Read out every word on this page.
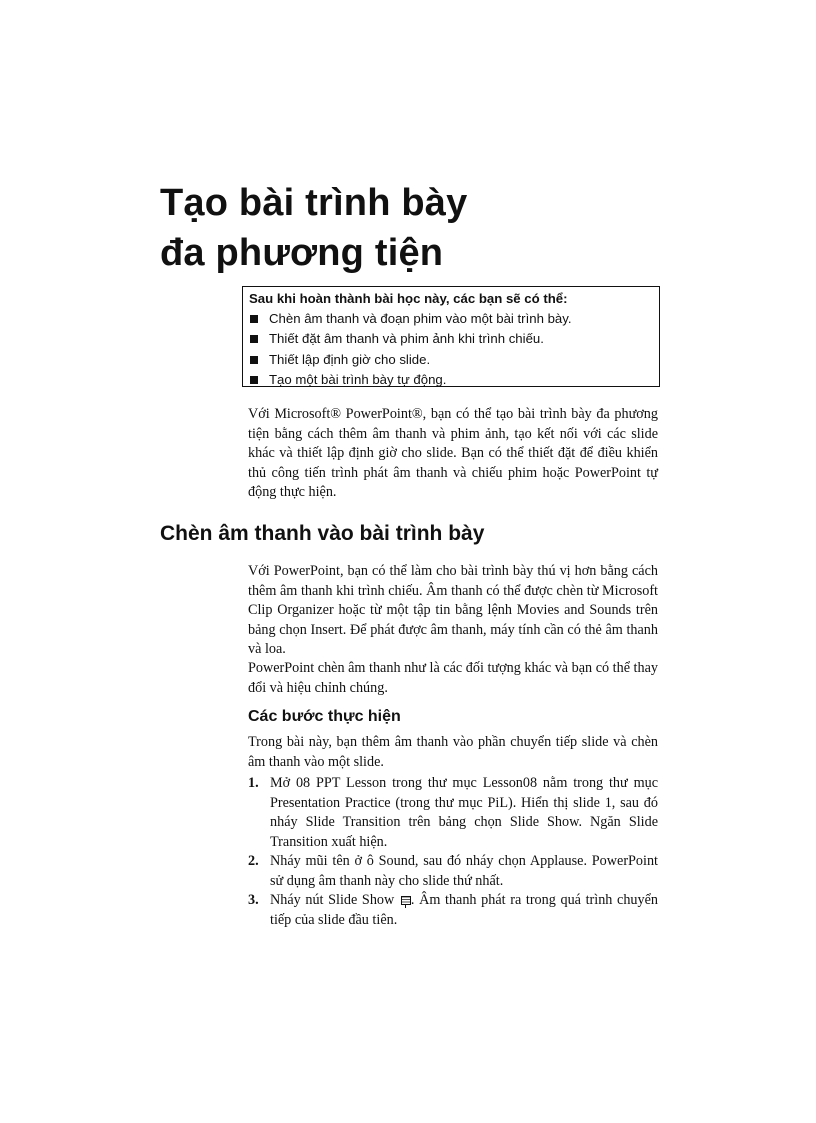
Tạo bài trình bày
đa phương tiện
Sau khi hoàn thành bài học này, các bạn sẽ có thể:
Chèn âm thanh và đoạn phim vào một bài trình bày.
Thiết đặt âm thanh và phim ảnh khi trình chiếu.
Thiết lập định giờ cho slide.
Tạo một bài trình bày tự động.

Với Microsoft® PowerPoint®, bạn có thể tạo bài trình bày đa phương tiện bằng cách thêm âm thanh và phim ảnh, tạo kết nối với các slide khác và thiết lập định giờ cho slide. Bạn có thể thiết đặt để điều khiển thủ công tiến trình phát âm thanh và chiếu phim hoặc PowerPoint tự động thực hiện.

Chèn âm thanh vào bài trình bày

Với PowerPoint, bạn có thể làm cho bài trình bày thú vị hơn bằng cách thêm âm thanh khi trình chiếu. Âm thanh có thể được chèn từ Microsoft Clip Organizer hoặc từ một tập tin bằng lệnh Movies and Sounds trên bảng chọn Insert. Để phát được âm thanh, máy tính cần có thẻ âm thanh và loa.

PowerPoint chèn âm thanh như là các đối tượng khác và bạn có thể thay đổi và hiệu chỉnh chúng.

Các bước thực hiện

Trong bài này, bạn thêm âm thanh vào phần chuyển tiếp slide và chèn âm thanh vào một slide.

1. Mở 08 PPT Lesson trong thư mục Lesson08 nằm trong thư mục Presentation Practice (trong thư mục PiL). Hiển thị slide 1, sau đó nháy Slide Transition trên bảng chọn Slide Show. Ngăn Slide Transition xuất hiện.
2. Nháy mũi tên ở ô Sound, sau đó nháy chọn Applause. PowerPoint sử dụng âm thanh này cho slide thứ nhất.
3. Nháy nút Slide Show . Âm thanh phát ra trong quá trình chuyển tiếp của slide đầu tiên.
